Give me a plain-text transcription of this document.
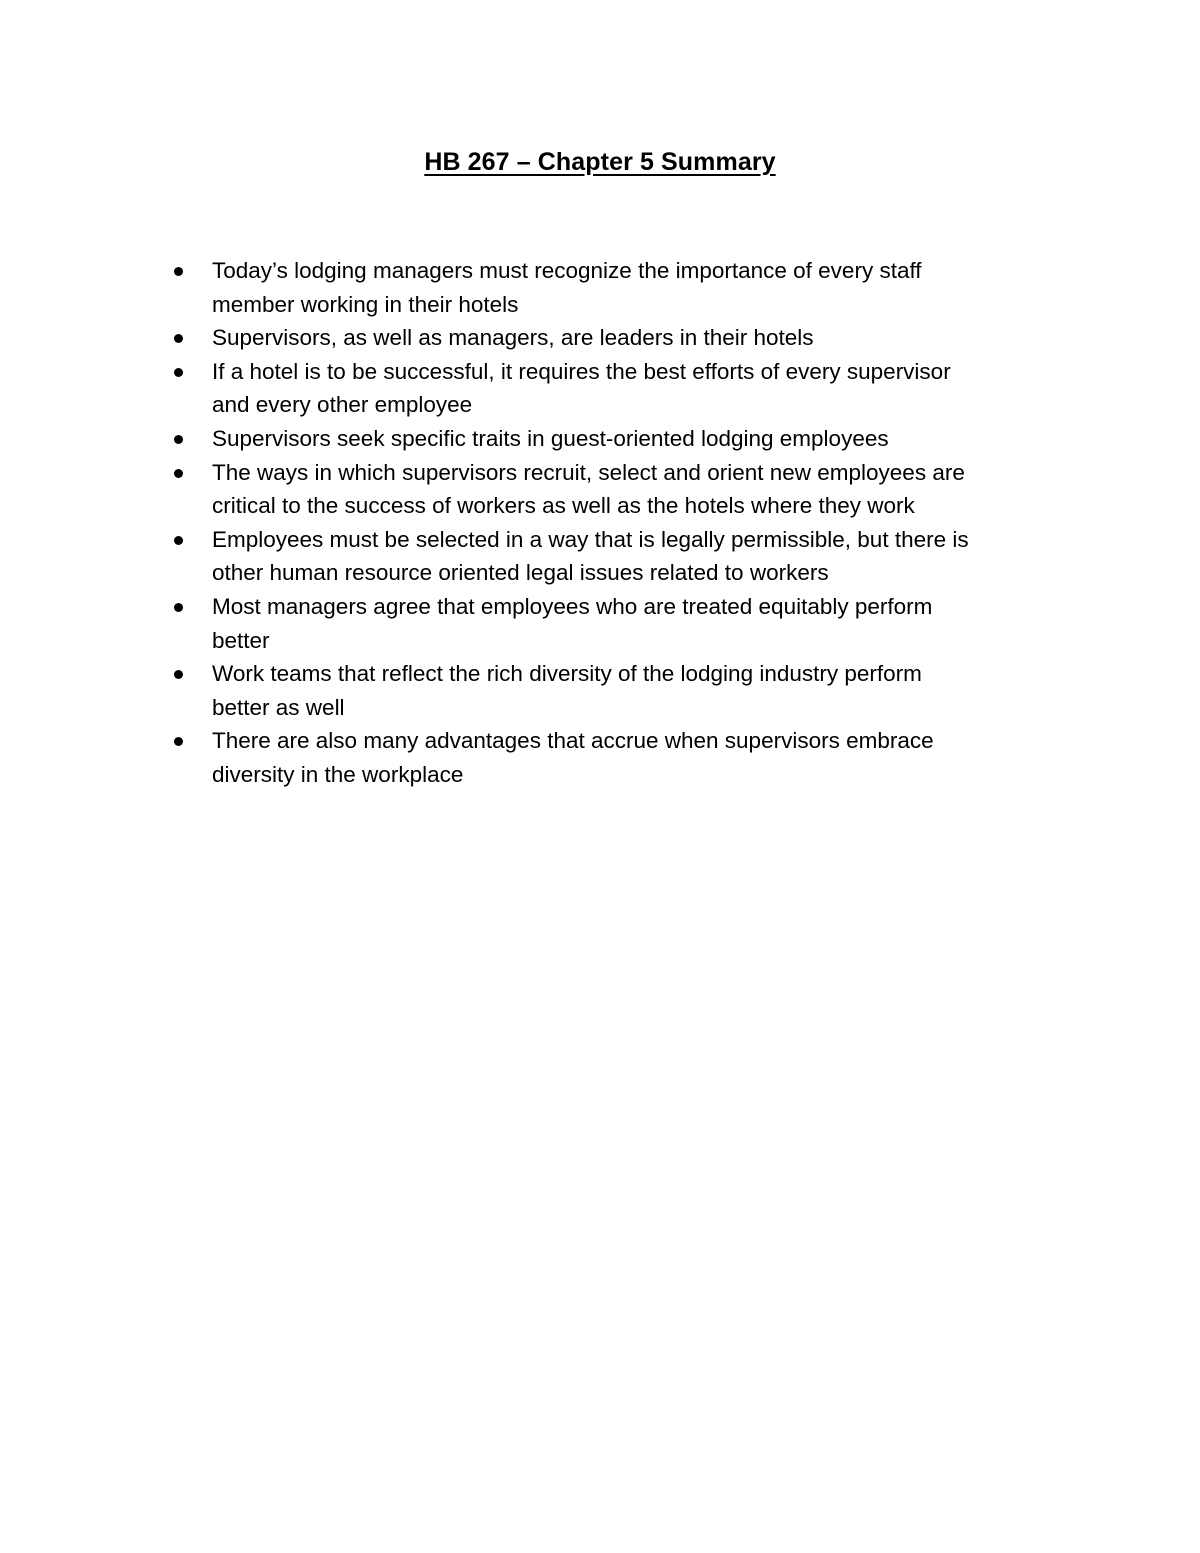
HB 267 – Chapter 5 Summary
Today’s lodging managers must recognize the importance of every staff
member working in their hotels
Supervisors, as well as managers, are leaders in their hotels
If a hotel is to be successful, it requires the best efforts of every supervisor
and every other employee
Supervisors seek specific traits in guest-oriented lodging employees
The ways in which supervisors recruit, select and orient new employees are
critical to the success of workers as well as the hotels where they work
Employees must be selected in a way that is legally permissible, but there is
other human resource oriented legal issues related to workers
Most managers agree that employees who are treated equitably perform
better
Work teams that reflect the rich diversity of the lodging industry perform
better as well
There are also many advantages that accrue when supervisors embrace
diversity in the workplace
